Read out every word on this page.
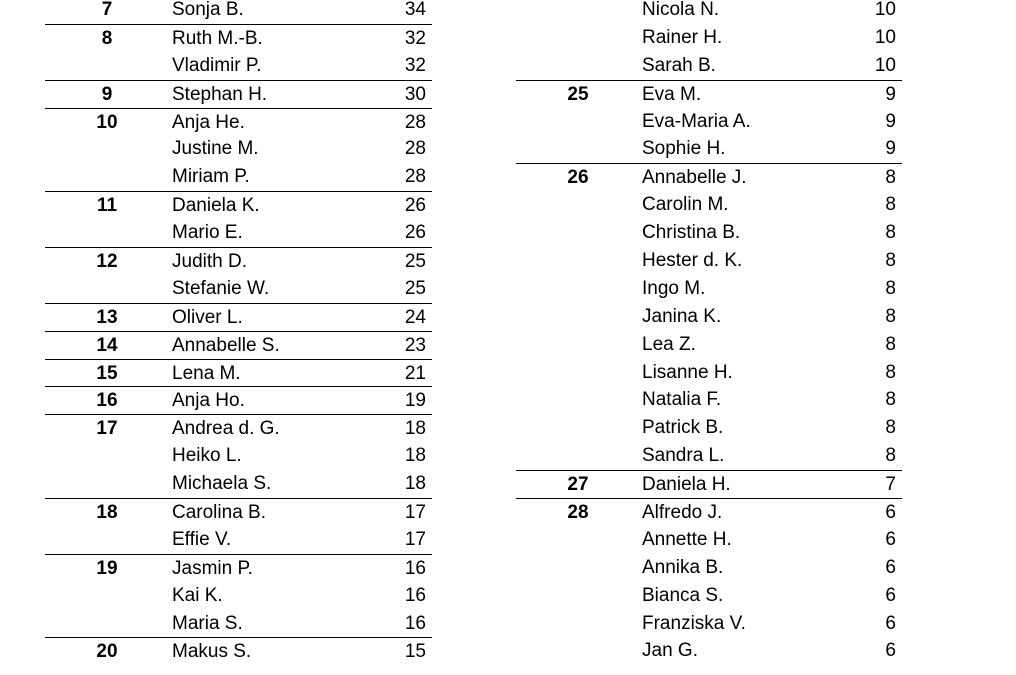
7	Sonja B.	34
8	Ruth M.-B.	32
Vladimir P.	32
9	Stephan H.	30
10	Anja He.	28
Justine M.	28
Miriam P.	28
11	Daniela K.	26
Mario E.	26
12	Judith D.	25
Stefanie W.	25
13	Oliver L.	24
14	Annabelle S.	23
15	Lena M.	21
16	Anja Ho.	19
17	Andrea d. G.	18
Heiko L.	18
Michaela S.	18
18	Carolina B.	17
Effie V.	17
19	Jasmin P.	16
Kai K.	16
Maria S.	16
20	Makus S.	15
Nicola N.	10
Rainer H.	10
Sarah B.	10
25	Eva M.	9
Eva-Maria A.	9
Sophie H.	9
26	Annabelle J.	8
Carolin M.	8
Christina B.	8
Hester d. K.	8
Ingo M.	8
Janina K.	8
Lea Z.	8
Lisanne H.	8
Natalia F.	8
Patrick B.	8
Sandra L.	8
27	Daniela H.	7
28	Alfredo J.	6
Annette H.	6
Annika B.	6
Bianca S.	6
Franziska V.	6
Jan G.	6
